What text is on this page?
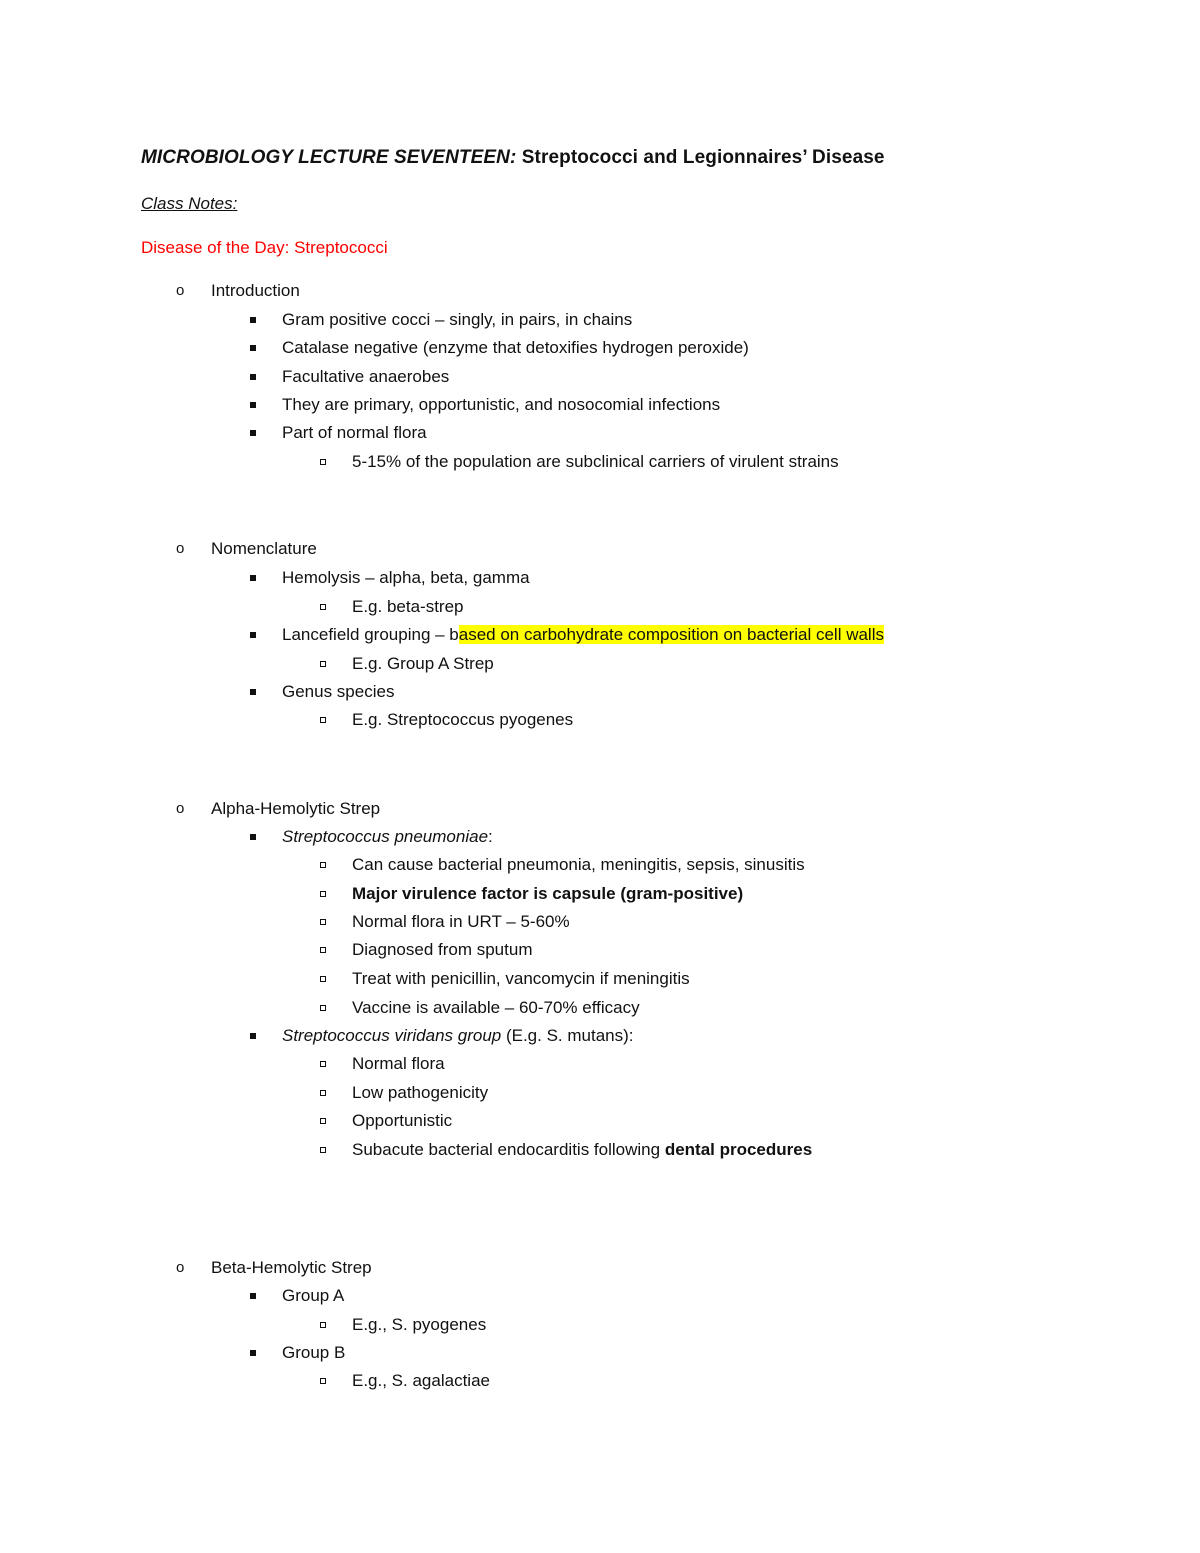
MICROBIOLOGY LECTURE SEVENTEEN: Streptococci and Legionnaires’ Disease
Class Notes:
Disease of the Day: Streptococci
o Introduction
Gram positive cocci – singly, in pairs, in chains
Catalase negative (enzyme that detoxifies hydrogen peroxide)
Facultative anaerobes
They are primary, opportunistic, and nosocomial infections
Part of normal flora
5-15% of the population are subclinical carriers of virulent strains
o Nomenclature
Hemolysis – alpha, beta, gamma
E.g. beta-strep
Lancefield grouping – based on carbohydrate composition on bacterial cell walls
E.g. Group A Strep
Genus species
E.g. Streptococcus pyogenes
o Alpha-Hemolytic Strep
Streptococcus pneumoniae:
Can cause bacterial pneumonia, meningitis, sepsis, sinusitis
Major virulence factor is capsule (gram-positive)
Normal flora in URT – 5-60%
Diagnosed from sputum
Treat with penicillin, vancomycin if meningitis
Vaccine is available – 60-70% efficacy
Streptococcus viridans group (E.g. S. mutans):
Normal flora
Low pathogenicity
Opportunistic
Subacute bacterial endocarditis following dental procedures
o Beta-Hemolytic Strep
Group A
E.g., S. pyogenes
Group B
E.g., S. agalactiae
